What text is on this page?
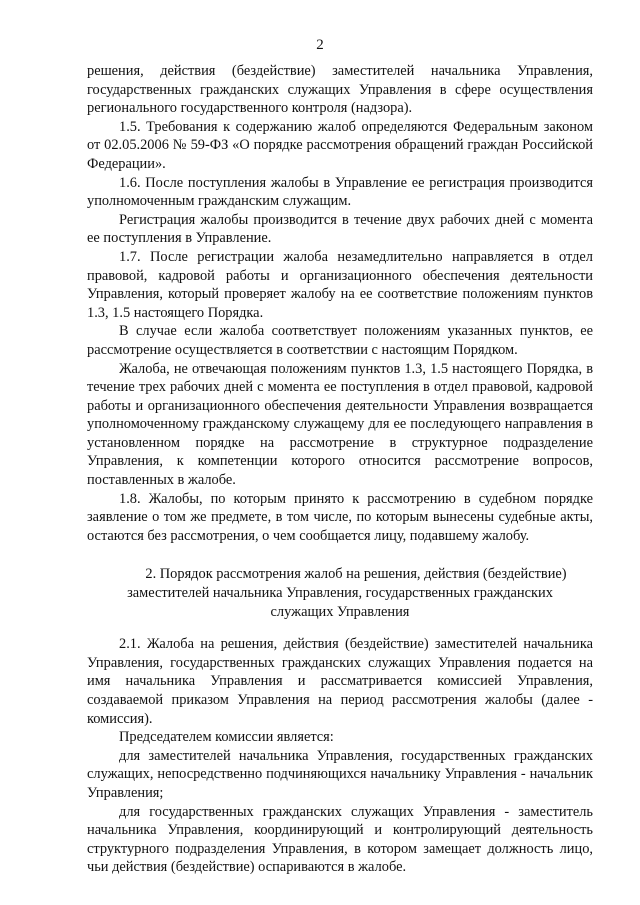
2

решения, действия (бездействие) заместителей начальника Управления, государственных гражданских служащих Управления в сфере осуществления регионального государственного контроля (надзора).

1.5. Требования к содержанию жалоб определяются Федеральным законом от 02.05.2006 № 59-ФЗ «О порядке рассмотрения обращений граждан Российской Федерации».

1.6. После поступления жалобы в Управление ее регистрация производится уполномоченным гражданским служащим.

Регистрация жалобы производится в течение двух рабочих дней с момента ее поступления в Управление.

1.7. После регистрации жалоба незамедлительно направляется в отдел правовой, кадровой работы и организационного обеспечения деятельности Управления, который проверяет жалобу на ее соответствие положениям пунктов 1.3, 1.5 настоящего Порядка.

В случае если жалоба соответствует положениям указанных пунктов, ее рассмотрение осуществляется в соответствии с настоящим Порядком.

Жалоба, не отвечающая положениям пунктов 1.3, 1.5 настоящего Порядка, в течение трех рабочих дней с момента ее поступления в отдел правовой, кадровой работы и организационного обеспечения деятельности Управления возвращается уполномоченному гражданскому служащему для ее последующего направления в установленном порядке на рассмотрение в структурное подразделение Управления, к компетенции которого относится рассмотрение вопросов, поставленных в жалобе.

1.8. Жалобы, по которым принято к рассмотрению в судебном порядке заявление о том же предмете, в том числе, по которым вынесены судебные акты, остаются без рассмотрения, о чем сообщается лицу, подавшему жалобу.

2. Порядок рассмотрения жалоб на решения, действия (бездействие)

заместителей начальника Управления, государственных гражданских

служащих Управления

2.1. Жалоба на решения, действия (бездействие) заместителей начальника Управления, государственных гражданских служащих Управления подается на имя начальника Управления и рассматривается комиссией Управления, создаваемой приказом Управления на период рассмотрения жалобы (далее - комиссия).

Председателем комиссии является:

для заместителей начальника Управления, государственных гражданских служащих, непосредственно подчиняющихся начальнику Управления - начальник Управления;

для государственных гражданских служащих Управления - заместитель начальника Управления, координирующий и контролирующий деятельность структурного подразделения Управления, в котором замещает должность лицо, чьи действия (бездействие) оспариваются в жалобе.
